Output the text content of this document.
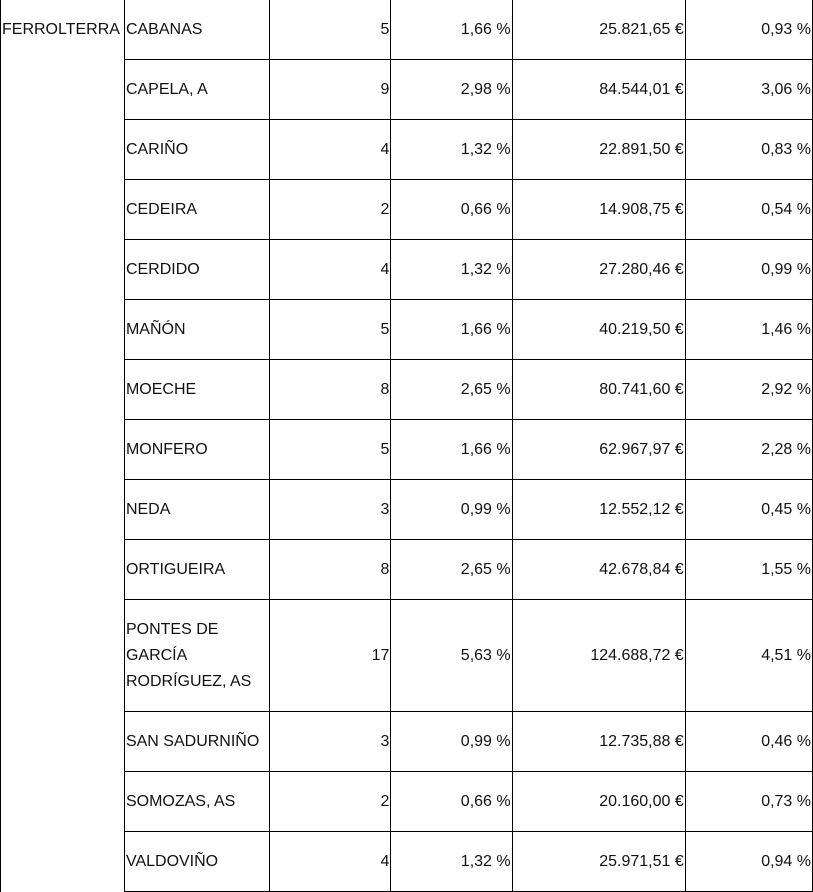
FERROLTERRA	CABANAS	5	1,66 %	25.821,65 €	0,93 %
	CAPELA, A	9	2,98 %	84.544,01 €	3,06 %
	CARIÑO	4	1,32 %	22.891,50 €	0,83 %
	CEDEIRA	2	0,66 %	14.908,75 €	0,54 %
	CERDIDO	4	1,32 %	27.280,46 €	0,99 %
	MAÑÓN	5	1,66 %	40.219,50 €	1,46 %
	MOECHE	8	2,65 %	80.741,60 €	2,92 %
	MONFERO	5	1,66 %	62.967,97 €	2,28 %
	NEDA	3	0,99 %	12.552,12 €	0,45 %
	ORTIGUEIRA	8	2,65 %	42.678,84 €	1,55 %
	PONTES DE GARCÍA RODRÍGUEZ, AS	17	5,63 %	124.688,72 €	4,51 %
	SAN SADURNIÑO	3	0,99 %	12.735,88 €	0,46 %
	SOMOZAS, AS	2	0,66 %	20.160,00 €	0,73 %
	VALDOVIÑO	4	1,32 %	25.971,51 €	0,94 %
